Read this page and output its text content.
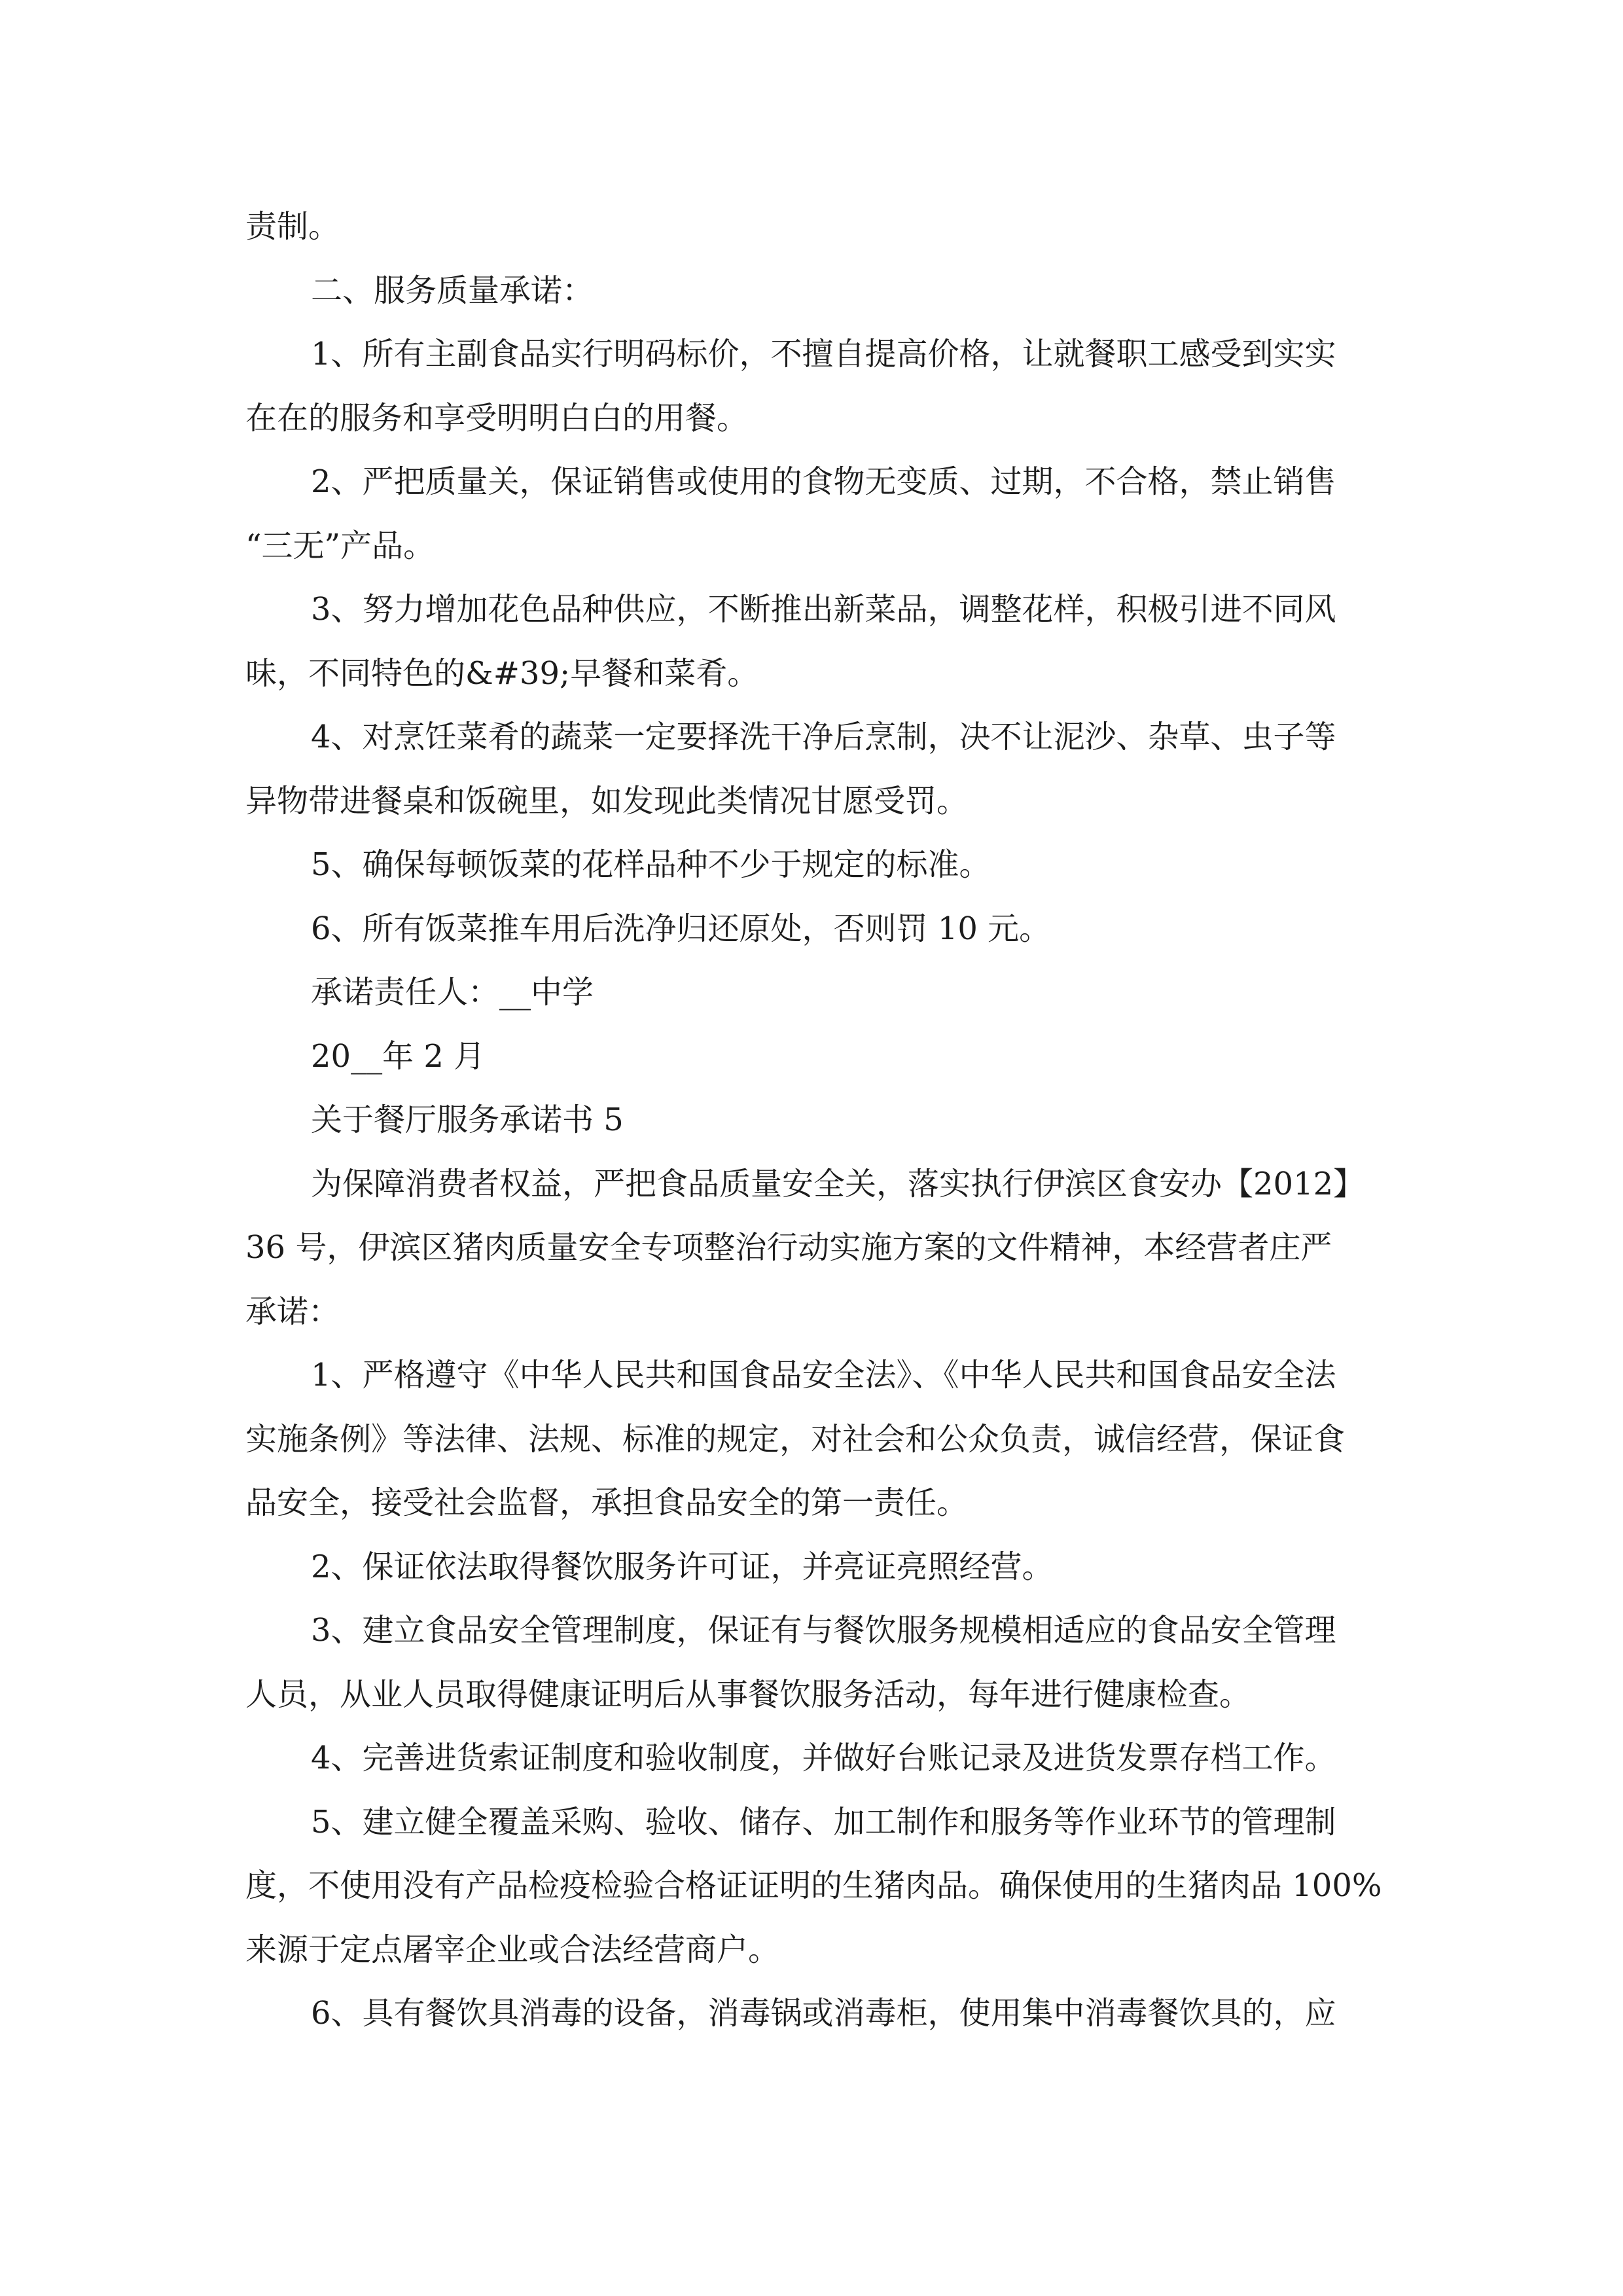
责制。
二、服务质量承诺：
1、所有主副食品实行明码标价，不擅自提高价格，让就餐职工感受到实实
在在的服务和享受明明白白的用餐。
2、严把质量关，保证销售或使用的食物无变质、过期，不合格，禁止销售
“三无”产品。
3、努力增加花色品种供应，不断推出新菜品，调整花样，积极引进不同风
味，不同特色的&#39;早餐和菜肴。
4、对烹饪菜肴的蔬菜一定要择洗干净后烹制，决不让泥沙、杂草、虫子等
异物带进餐桌和饭碗里，如发现此类情况甘愿受罚。
5、确保每顿饭菜的花样品种不少于规定的标准。
6、所有饭菜推车用后洗净归还原处，否则罚 10 元。
承诺责任人：__中学
20__年 2 月
关于餐厅服务承诺书 5
为保障消费者权益，严把食品质量安全关，落实执行伊滨区食安办【2012】
36 号，伊滨区猪肉质量安全专项整治行动实施方案的文件精神，本经营者庄严
承诺：
1、严格遵守《中华人民共和国食品安全法》、《中华人民共和国食品安全法
实施条例》等法律、法规、标准的规定，对社会和公众负责，诚信经营，保证食
品安全，接受社会监督，承担食品安全的第一责任。
2、保证依法取得餐饮服务许可证，并亮证亮照经营。
3、建立食品安全管理制度，保证有与餐饮服务规模相适应的食品安全管理
人员，从业人员取得健康证明后从事餐饮服务活动，每年进行健康检查。
4、完善进货索证制度和验收制度，并做好台账记录及进货发票存档工作。
5、建立健全覆盖采购、验收、储存、加工制作和服务等作业环节的管理制
度，不使用没有产品检疫检验合格证证明的生猪肉品。确保使用的生猪肉品 100%
来源于定点屠宰企业或合法经营商户。
6、具有餐饮具消毒的设备，消毒锅或消毒柜，使用集中消毒餐饮具的，应
